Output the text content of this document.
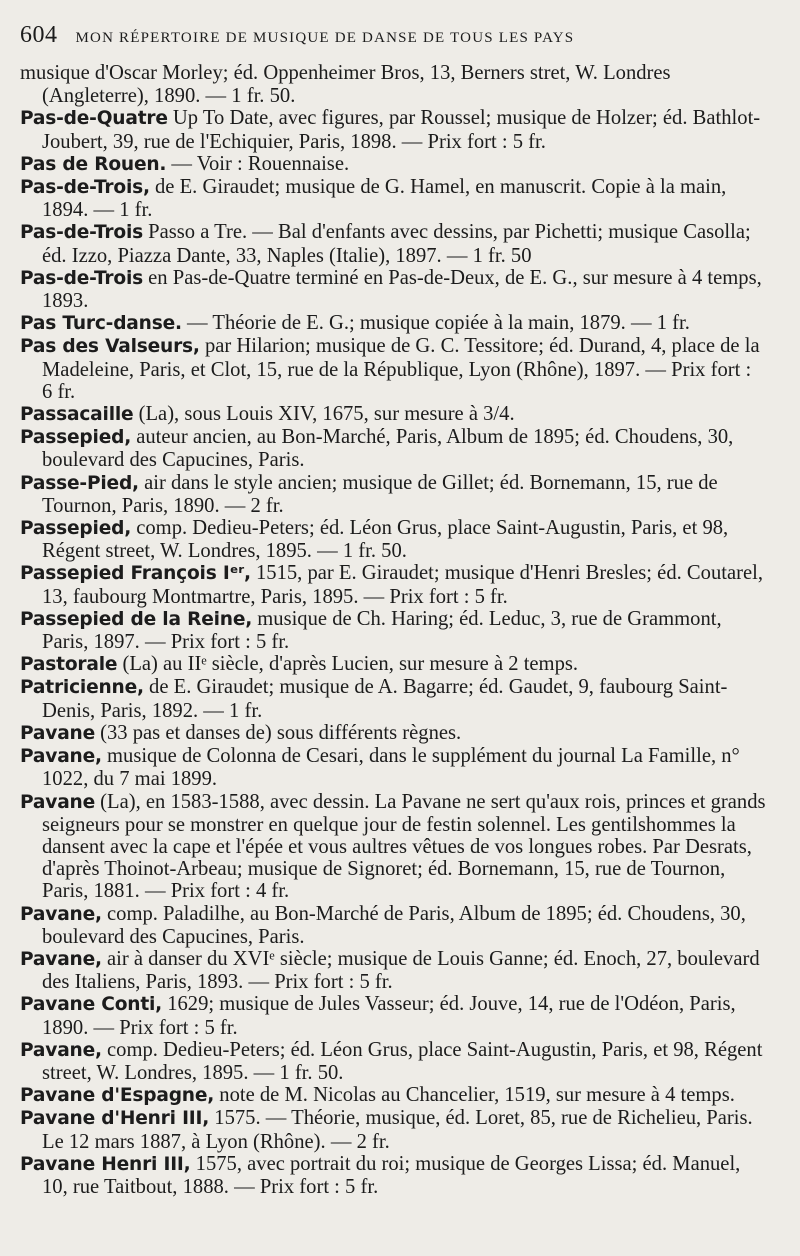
604 MON RÉPERTOIRE DE MUSIQUE DE DANSE DE TOUS LES PAYS

musique d'Oscar Morley; éd. Oppenheimer Bros, 13, Berners stret, W. Londres (Angleterre), 1890. — 1 fr. 50.

Pas-de-Quatre Up To Date, avec figures, par Roussel; musique de Holzer; éd. Bathlot-Joubert, 39, rue de l'Echiquier, Paris, 1898. — Prix fort : 5 fr.

Pas de Rouen. — Voir : Rouennaise.

Pas-de-Trois, de E. Giraudet; musique de G. Hamel, en manuscrit. Copie à la main, 1894. — 1 fr.

Pas-de-Trois Passo a Tre. — Bal d'enfants avec dessins, par Pichetti; musique Casolla; éd. Izzo, Piazza Dante, 33, Naples (Italie), 1897. — 1 fr. 50

Pas-de-Trois en Pas-de-Quatre terminé en Pas-de-Deux, de E. G., sur mesure à 4 temps, 1893.

Pas Turc-danse. — Théorie de E. G.; musique copiée à la main, 1879. — 1 fr.

Pas des Valseurs, par Hilarion; musique de G. C. Tessitore; éd. Durand, 4, place de la Madeleine, Paris, et Clot, 15, rue de la République, Lyon (Rhône), 1897. — Prix fort : 6 fr.

Passacaille (La), sous Louis XIV, 1675, sur mesure à 3/4.

Passepied, auteur ancien, au Bon-Marché, Paris, Album de 1895; éd. Choudens, 30, boulevard des Capucines, Paris.

Passe-Pied, air dans le style ancien; musique de Gillet; éd. Bornemann, 15, rue de Tournon, Paris, 1890. — 2 fr.

Passepied, comp. Dedieu-Peters; éd. Léon Grus, place Saint-Augustin, Paris, et 98, Régent street, W. Londres, 1895. — 1 fr. 50.

Passepied François Iᵉʳ, 1515, par E. Giraudet; musique d'Henri Bresles; éd. Coutarel, 13, faubourg Montmartre, Paris, 1895. — Prix fort : 5 fr.

Passepied de la Reine, musique de Ch. Haring; éd. Leduc, 3, rue de Grammont, Paris, 1897. — Prix fort : 5 fr.

Pastorale (La) au IIᵉ siècle, d'après Lucien, sur mesure à 2 temps.

Patricienne, de E. Giraudet; musique de A. Bagarre; éd. Gaudet, 9, faubourg Saint-Denis, Paris, 1892. — 1 fr.

Pavane (33 pas et danses de) sous différents règnes.

Pavane, musique de Colonna de Cesari, dans le supplément du journal La Famille, n° 1022, du 7 mai 1899.

Pavane (La), en 1583-1588, avec dessin. La Pavane ne sert qu'aux rois, princes et grands seigneurs pour se monstrer en quelque jour de festin solennel. Les gentilshommes la dansent avec la cape et l'épée et vous aultres vêtues de vos longues robes. Par Desrats, d'après Thoinot-Arbeau; musique de Signoret; éd. Bornemann, 15, rue de Tournon, Paris, 1881. — Prix fort : 4 fr.

Pavane, comp. Paladilhe, au Bon-Marché de Paris, Album de 1895; éd. Choudens, 30, boulevard des Capucines, Paris.

Pavane, air à danser du XVIᵉ siècle; musique de Louis Ganne; éd. Enoch, 27, boulevard des Italiens, Paris, 1893. — Prix fort : 5 fr.

Pavane Conti, 1629; musique de Jules Vasseur; éd. Jouve, 14, rue de l'Odéon, Paris, 1890. — Prix fort : 5 fr.

Pavane, comp. Dedieu-Peters; éd. Léon Grus, place Saint-Augustin, Paris, et 98, Régent street, W. Londres, 1895. — 1 fr. 50.

Pavane d'Espagne, note de M. Nicolas au Chancelier, 1519, sur mesure à 4 temps.

Pavane d'Henri III, 1575. — Théorie, musique, éd. Loret, 85, rue de Richelieu, Paris. Le 12 mars 1887, à Lyon (Rhône). — 2 fr.

Pavane Henri III, 1575, avec portrait du roi; musique de Georges Lissa; éd. Manuel, 10, rue Taitbout, 1888. — Prix fort : 5 fr.
